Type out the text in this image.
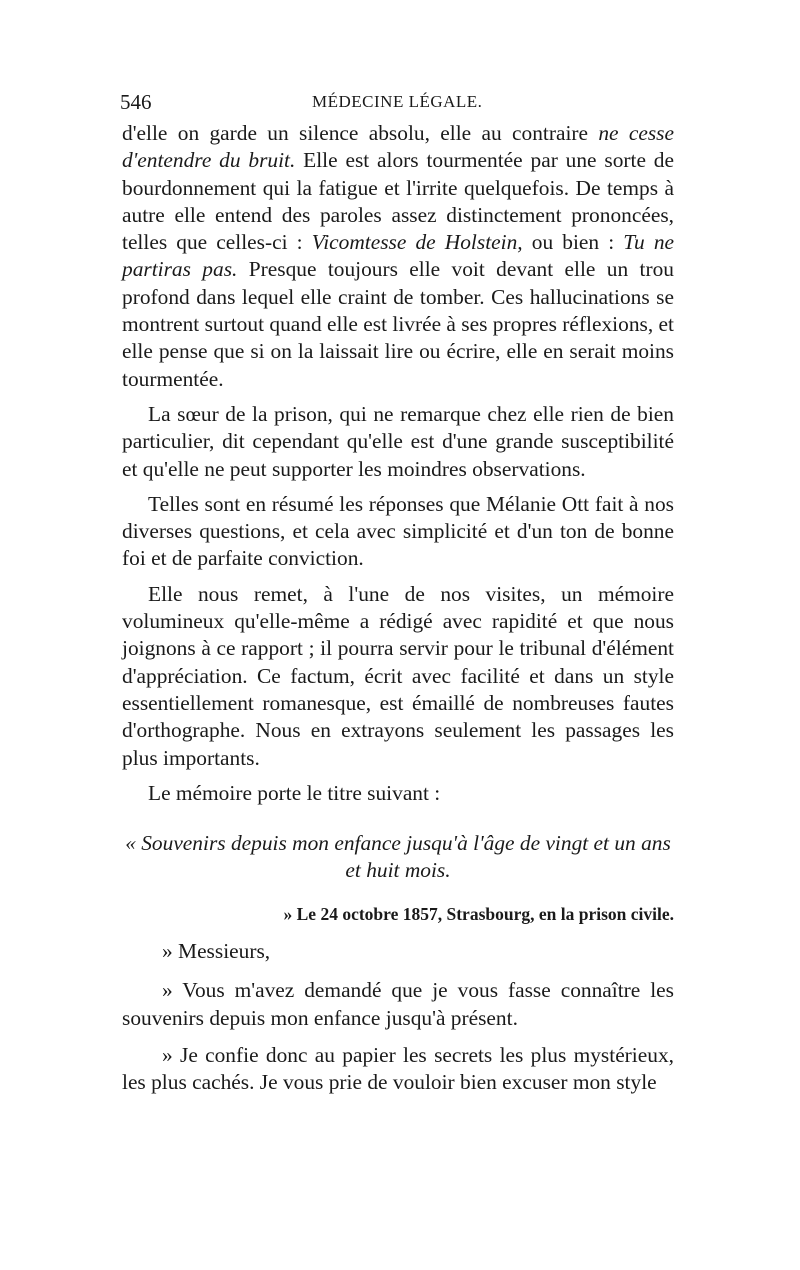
546	MÉDECINE LÉGALE.

d'elle on garde un silence absolu, elle au contraire ne cesse d'entendre du bruit. Elle est alors tourmentée par une sorte de bourdonnement qui la fatigue et l'irrite quelquefois. De temps à autre elle entend des paroles assez distinctement prononcées, telles que celles-ci : Vicomtesse de Holstein, ou bien : Tu ne partiras pas. Presque toujours elle voit devant elle un trou profond dans lequel elle craint de tomber. Ces hallucinations se montrent surtout quand elle est livrée à ses propres réflexions, et elle pense que si on la laissait lire ou écrire, elle en serait moins tourmentée.

La sœur de la prison, qui ne remarque chez elle rien de bien particulier, dit cependant qu'elle est d'une grande susceptibilité et qu'elle ne peut supporter les moindres observations.

Telles sont en résumé les réponses que Mélanie Ott fait à nos diverses questions, et cela avec simplicité et d'un ton de bonne foi et de parfaite conviction.

Elle nous remet, à l'une de nos visites, un mémoire volumineux qu'elle-même a rédigé avec rapidité et que nous joignons à ce rapport ; il pourra servir pour le tribunal d'élément d'appréciation. Ce factum, écrit avec facilité et dans un style essentiellement romanesque, est émaillé de nombreuses fautes d'orthographe. Nous en extrayons seulement les passages les plus importants.

Le mémoire porte le titre suivant :

« Souvenirs depuis mon enfance jusqu'à l'âge de vingt et un ans et huit mois.

» Le 24 octobre 1857, Strasbourg, en la prison civile.

» Messieurs,

» Vous m'avez demandé que je vous fasse connaître les souvenirs depuis mon enfance jusqu'à présent.

» Je confie donc au papier les secrets les plus mystérieux, les plus cachés. Je vous prie de vouloir bien excuser mon style
